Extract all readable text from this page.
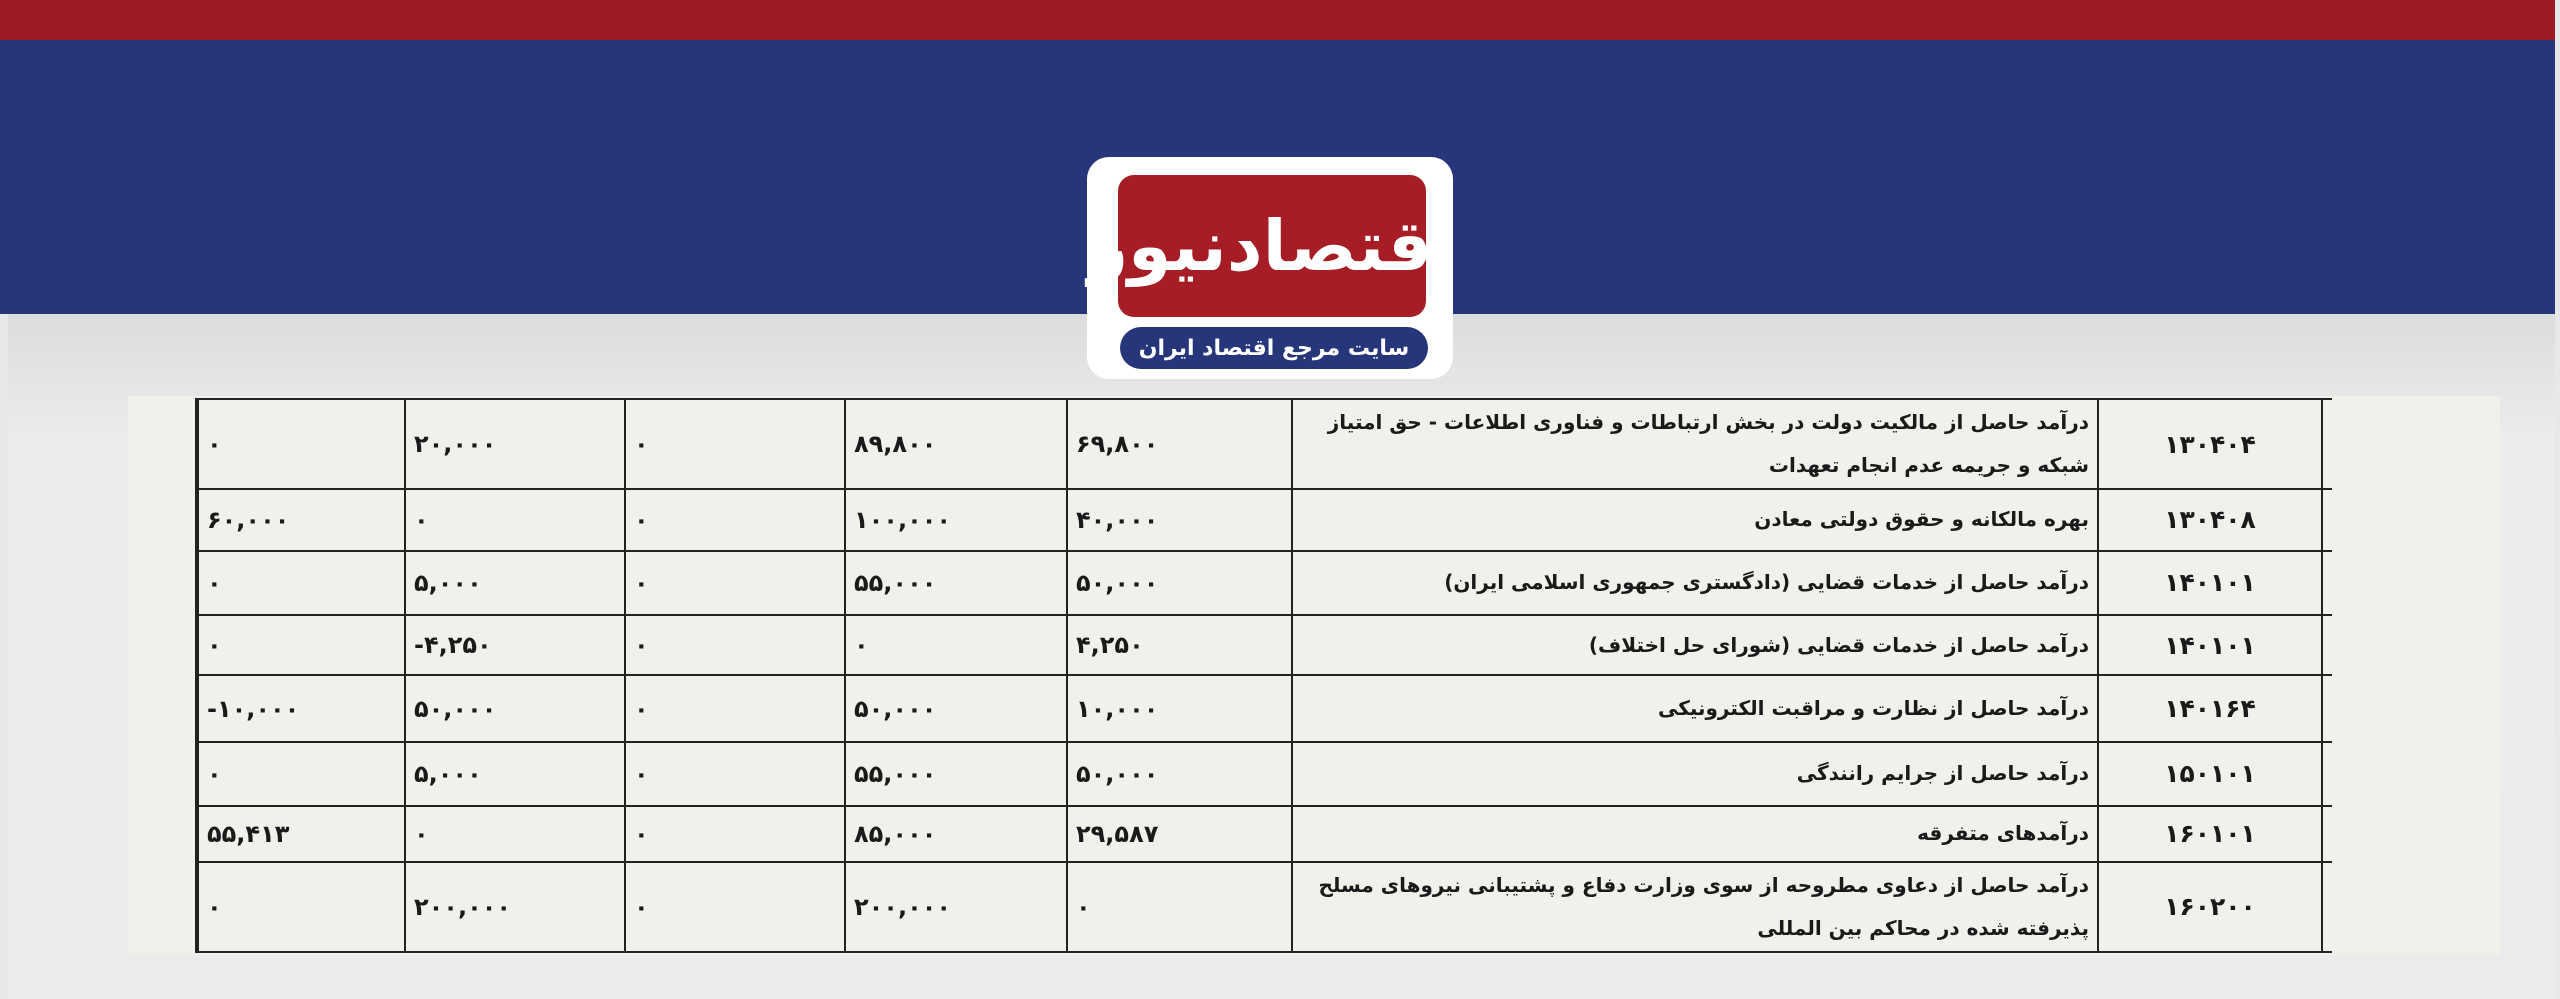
اقتصادنیوز
سایت مرجع اقتصاد ایران
۰	۲۰,۰۰۰	۰	۸۹,۸۰۰	۶۹,۸۰۰	درآمد حاصل از مالکیت دولت در بخش ارتباطات و فناوری اطلاعات - حق امتیاز شبکه و جریمه عدم انجام تعهدات	۱۳۰۴۰۴	
۶۰,۰۰۰	۰	۰	۱۰۰,۰۰۰	۴۰,۰۰۰	بهره مالکانه و حقوق دولتی معادن	۱۳۰۴۰۸	
۰	۵,۰۰۰	۰	۵۵,۰۰۰	۵۰,۰۰۰	درآمد حاصل از خدمات قضایی (دادگستری جمهوری اسلامی ایران)	۱۴۰۱۰۱	
۰	-۴,۲۵۰	۰	۰	۴,۲۵۰	درآمد حاصل از خدمات قضایی (شورای حل اختلاف)	۱۴۰۱۰۱	
-۱۰,۰۰۰	۵۰,۰۰۰	۰	۵۰,۰۰۰	۱۰,۰۰۰	درآمد حاصل از نظارت و مراقبت الکترونیکی	۱۴۰۱۶۴	
۰	۵,۰۰۰	۰	۵۵,۰۰۰	۵۰,۰۰۰	درآمد حاصل از جرایم رانندگی	۱۵۰۱۰۱	
۵۵,۴۱۳	۰	۰	۸۵,۰۰۰	۲۹,۵۸۷	درآمدهای متفرقه	۱۶۰۱۰۱	
۰	۲۰۰,۰۰۰	۰	۲۰۰,۰۰۰	۰	درآمد حاصل از دعاوی مطروحه از سوی وزارت دفاع و پشتیبانی نیروهای مسلح پذیرفته شده در محاکم بین المللی	۱۶۰۲۰۰	
